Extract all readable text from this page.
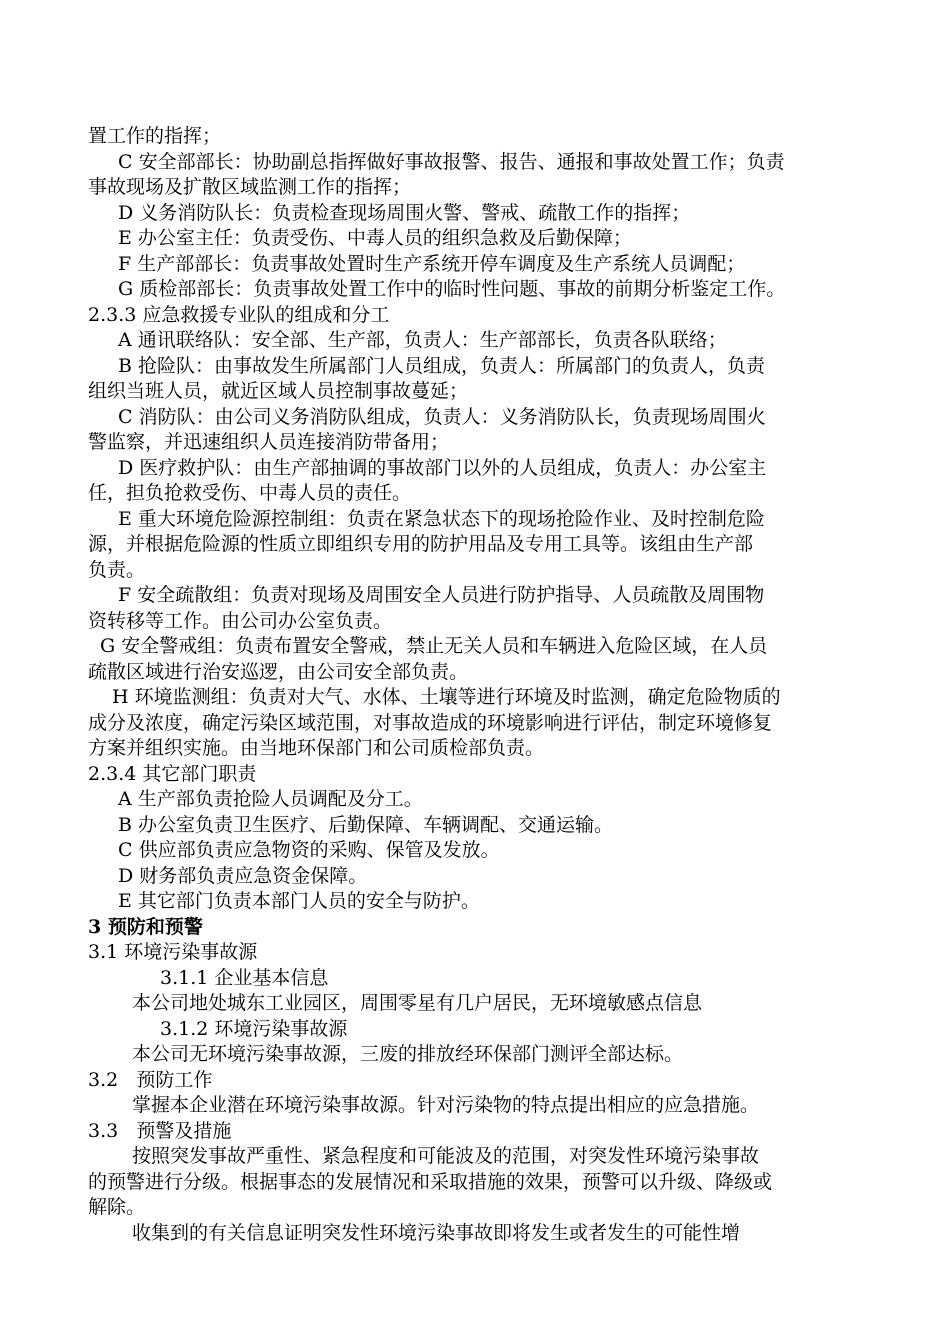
置工作的指挥；
C 安全部部长：协助副总指挥做好事故报警、报告、通报和事故处置工作；负责
事故现场及扩散区域监测工作的指挥；
D 义务消防队长：负责检查现场周围火警、警戒、疏散工作的指挥；
E 办公室主任：负责受伤、中毒人员的组织急救及后勤保障；
F 生产部部长：负责事故处置时生产系统开停车调度及生产系统人员调配；
G 质检部部长：负责事故处置工作中的临时性问题、事故的前期分析鉴定工作。
2.3.3 应急救援专业队的组成和分工
A 通讯联络队：安全部、生产部，负责人：生产部部长，负责各队联络；
B 抢险队：由事故发生所属部门人员组成，负责人：所属部门的负责人，负责
组织当班人员，就近区域人员控制事故蔓延；
C 消防队：由公司义务消防队组成，负责人：义务消防队长，负责现场周围火
警监察，并迅速组织人员连接消防带备用；
D 医疗救护队：由生产部抽调的事故部门以外的人员组成，负责人：办公室主
任，担负抢救受伤、中毒人员的责任。
E 重大环境危险源控制组：负责在紧急状态下的现场抢险作业、及时控制危险
源，并根据危险源的性质立即组织专用的防护用品及专用工具等。该组由生产部
负责。
F 安全疏散组：负责对现场及周围安全人员进行防护指导、人员疏散及周围物
资转移等工作。由公司办公室负责。
G 安全警戒组：负责布置安全警戒，禁止无关人员和车辆进入危险区域，在人员
疏散区域进行治安巡逻，由公司安全部负责。
H 环境监测组：负责对大气、水体、土壤等进行环境及时监测，确定危险物质的
成分及浓度，确定污染区域范围，对事故造成的环境影响进行评估，制定环境修复
方案并组织实施。由当地环保部门和公司质检部负责。
2.3.4 其它部门职责
A 生产部负责抢险人员调配及分工。
B 办公室负责卫生医疗、后勤保障、车辆调配、交通运输。
C 供应部负责应急物资的采购、保管及发放。
D 财务部负责应急资金保障。
E 其它部门负责本部门人员的安全与防护。
3 预防和预警
3.1 环境污染事故源
3.1.1 企业基本信息
本公司地处城东工业园区，周围零星有几户居民，无环境敏感点信息
3.1.2 环境污染事故源
本公司无环境污染事故源，三废的排放经环保部门测评全部达标。
3.2   预防工作
掌握本企业潜在环境污染事故源。针对污染物的特点提出相应的应急措施。
3.3   预警及措施
按照突发事故严重性、紧急程度和可能波及的范围，对突发性环境污染事故
的预警进行分级。根据事态的发展情况和采取措施的效果，预警可以升级、降级或
解除。
收集到的有关信息证明突发性环境污染事故即将发生或者发生的可能性增
